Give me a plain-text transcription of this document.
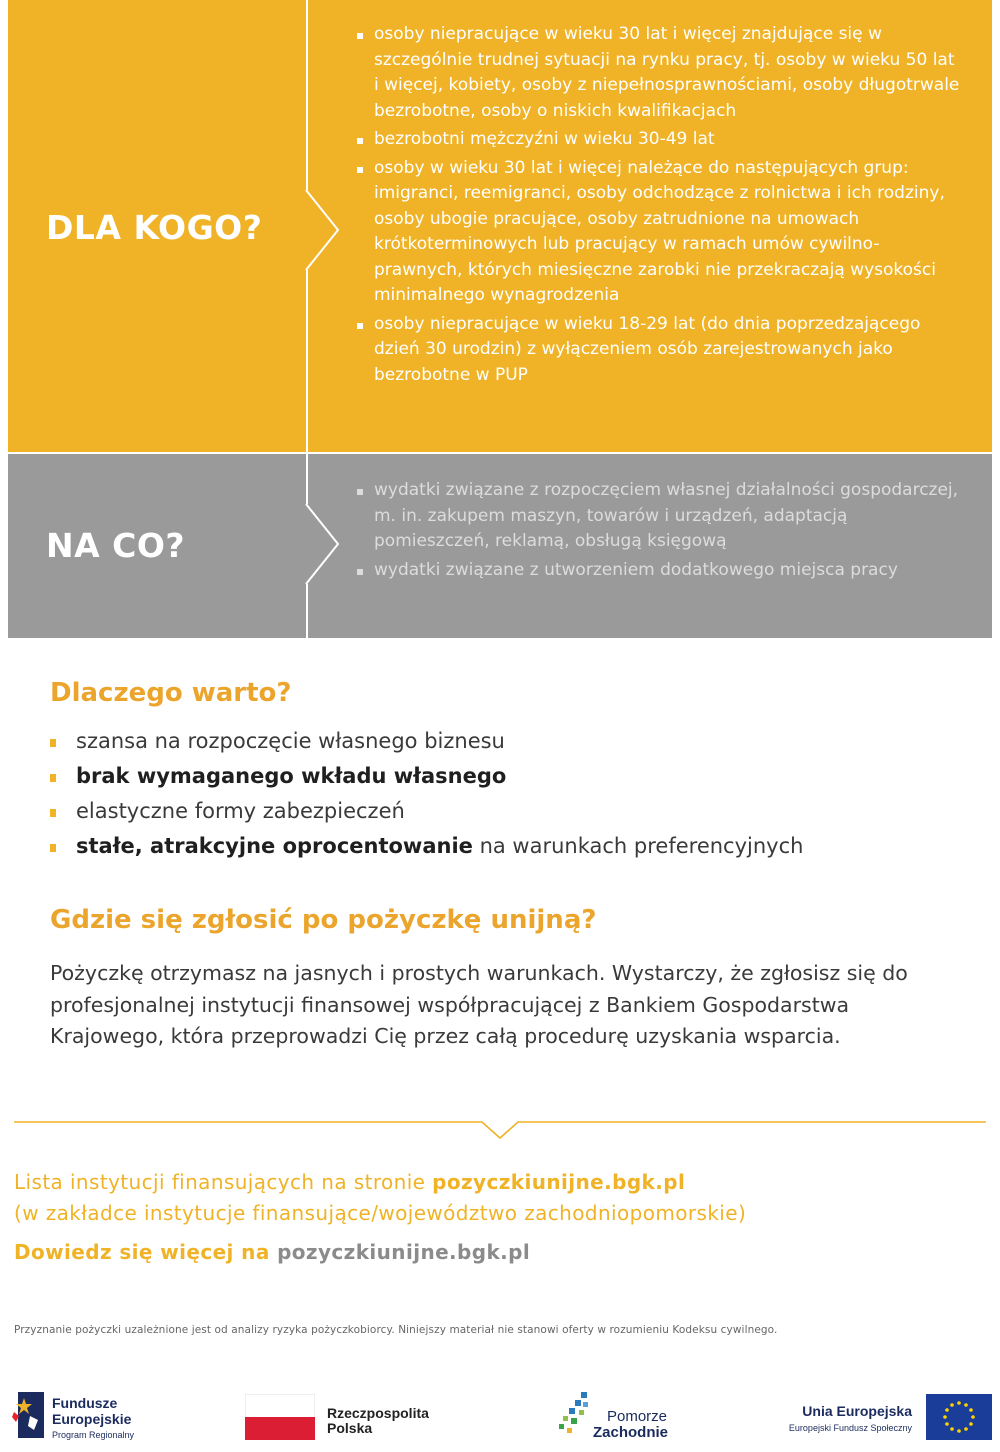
DLA KOGO?
osoby niepracujące w wieku 30 lat i więcej znajdujące się w szczególnie trudnej sytuacji na rynku pracy, tj. osoby w wieku 50 lat i więcej, kobiety, osoby z niepełnosprawnościami, osoby długotrwale bezrobotne, osoby o niskich kwalifikacjach
bezrobotni mężczyźni w wieku 30-49 lat
osoby w wieku 30 lat i więcej należące do następujących grup: imigranci, reemigranci, osoby odchodzące z rolnictwa i ich rodziny, osoby ubogie pracujące, osoby zatrudnione na umowach krótkoterminowych lub pracujący w ramach umów cywilno-prawnych, których miesięczne zarobki nie przekraczają wysokości minimalnego wynagrodzenia
osoby niepracujące w wieku 18-29 lat (do dnia poprzedzającego dzień 30 urodzin) z wyłączeniem osób zarejestrowanych jako bezrobotne w PUP
NA CO?
wydatki związane z rozpoczęciem własnej działalności gospodarczej, m. in. zakupem maszyn, towarów i urządzeń, adaptacją pomieszczeń, reklamą, obsługą księgową
wydatki związane z utworzeniem dodatkowego miejsca pracy
Dlaczego warto?
szansa na rozpoczęcie własnego biznesu
brak wymaganego wkładu własnego
elastyczne formy zabezpieczeń
stałe, atrakcyjne oprocentowanie na warunkach preferencyjnych
Gdzie się zgłosić po pożyczkę unijną?

Pożyczkę otrzymasz na jasnych i prostych warunkach. Wystarczy, że zgłosisz się do profesjonalnej instytucji finansowej współpracującej z Bankiem Gospodarstwa Krajowego, która przeprowadzi Cię przez całą procedurę uzyskania wsparcia.

Lista instytucji finansujących na stronie pozyczkiunijne.bgk.pl
(w zakładce instytucje finansujące/województwo zachodniopomorskie)
Dowiedz się więcej na pozyczkiunijne.bgk.pl
Przyznanie pożyczki uzależnione jest od analizy ryzyka pożyczkobiorcy. Niniejszy materiał nie stanowi oferty w rozumieniu Kodeksu cywilnego.
Fundusze
Europejskie
Program Regionalny
Rzeczpospolita
Polska
Pomorze
Zachodnie
Unia Europejska
Europejski Fundusz Społeczny
